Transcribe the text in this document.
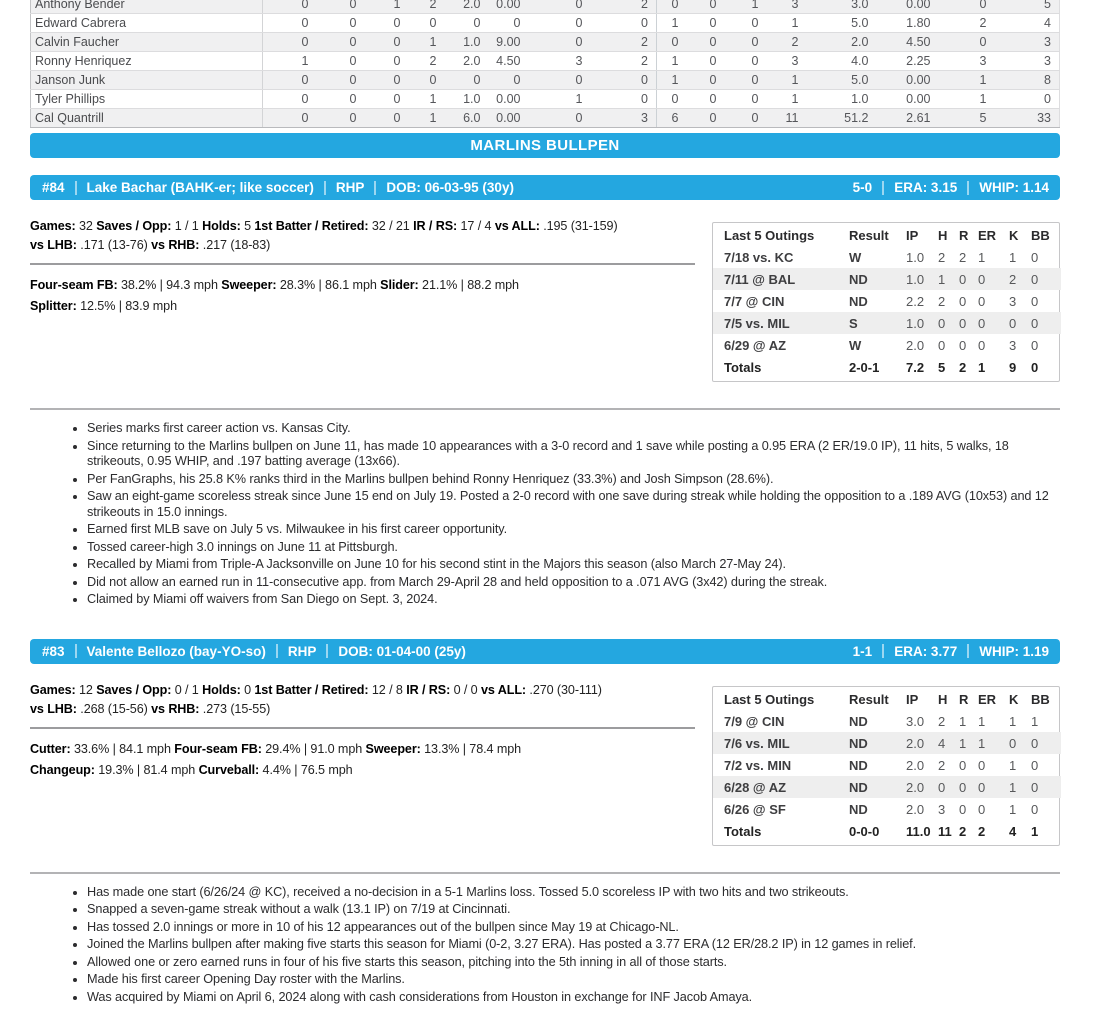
Anthony Bender	0	0	1	2	2.0	0.00	0	2	0	0	1	3	3.0	0.00	0	5
Edward Cabrera	0	0	0	0	0	0	0	0	1	0	0	1	5.0	1.80	2	4
Calvin Faucher	0	0	0	1	1.0	9.00	0	2	0	0	0	2	2.0	4.50	0	3
Ronny Henriquez	1	0	0	2	2.0	4.50	3	2	1	0	0	3	4.0	2.25	3	3
Janson Junk	0	0	0	0	0	0	0	0	1	0	0	1	5.0	0.00	1	8
Tyler Phillips	0	0	0	1	1.0	0.00	1	0	0	0	0	1	1.0	0.00	1	0
Cal Quantrill	0	0	0	1	6.0	0.00	0	3	6	0	0	11	51.2	2.61	5	33
MARLINS BULLPEN
#84 Lake Bachar (BAHK-er; like soccer) RHP DOB: 06-03-95 (30y)	5-0 ERA: 3.15 WHIP: 1.14
Games: 32 Saves / Opp: 1 / 1 Holds: 5 1st Batter / Retired: 32 / 21 IR / RS: 17 / 4 vs ALL: .195 (31-159)
vs LHB: .171 (13-76) vs RHB: .217 (18-83)
Four-seam FB: 38.2% | 94.3 mph Sweeper: 28.3% | 86.1 mph Slider: 21.1% | 88.2 mph
Splitter: 12.5% | 83.9 mph
Last 5 Outings	Result	IP	H	R	ER	K	BB
7/18 vs. KC	W	1.0	2	2	1	1	0
7/11 @ BAL	ND	1.0	1	0	0	2	0
7/7 @ CIN	ND	2.2	2	0	0	3	0
7/5 vs. MIL	S	1.0	0	0	0	0	0
6/29 @ AZ	W	2.0	0	0	0	3	0
Totals	2-0-1	7.2	5	2	1	9	0
• Series marks first career action vs. Kansas City.
• Since returning to the Marlins bullpen on June 11, has made 10 appearances with a 3-0 record and 1 save while posting a 0.95 ERA (2 ER/19.0 IP), 11 hits, 5 walks, 18 strikeouts, 0.95 WHIP, and .197 batting average (13x66).
• Per FanGraphs, his 25.8 K% ranks third in the Marlins bullpen behind Ronny Henriquez (33.3%) and Josh Simpson (28.6%).
• Saw an eight-game scoreless streak since June 15 end on July 19. Posted a 2-0 record with one save during streak while holding the opposition to a .189 AVG (10x53) and 12 strikeouts in 15.0 innings.
• Earned first MLB save on July 5 vs. Milwaukee in his first career opportunity.
• Tossed career-high 3.0 innings on June 11 at Pittsburgh.
• Recalled by Miami from Triple-A Jacksonville on June 10 for his second stint in the Majors this season (also March 27-May 24).
• Did not allow an earned run in 11-consecutive app. from March 29-April 28 and held opposition to a .071 AVG (3x42) during the streak.
• Claimed by Miami off waivers from San Diego on Sept. 3, 2024.
#83 Valente Bellozo (bay-YO-so) RHP DOB: 01-04-00 (25y)	1-1 ERA: 3.77 WHIP: 1.19
Games: 12 Saves / Opp: 0 / 1 Holds: 0 1st Batter / Retired: 12 / 8 IR / RS: 0 / 0 vs ALL: .270 (30-111)
vs LHB: .268 (15-56) vs RHB: .273 (15-55)
Cutter: 33.6% | 84.1 mph Four-seam FB: 29.4% | 91.0 mph Sweeper: 13.3% | 78.4 mph
Changeup: 19.3% | 81.4 mph Curveball: 4.4% | 76.5 mph
Last 5 Outings	Result	IP	H	R	ER	K	BB
7/9 @ CIN	ND	3.0	2	1	1	1	1
7/6 vs. MIL	ND	2.0	4	1	1	0	0
7/2 vs. MIN	ND	2.0	2	0	0	1	0
6/28 @ AZ	ND	2.0	0	0	0	1	0
6/26 @ SF	ND	2.0	3	0	0	1	0
Totals	0-0-0	11.0	11	2	2	4	1
• Has made one start (6/26/24 @ KC), received a no-decision in a 5-1 Marlins loss. Tossed 5.0 scoreless IP with two hits and two strikeouts.
• Snapped a seven-game streak without a walk (13.1 IP) on 7/19 at Cincinnati.
• Has tossed 2.0 innings or more in 10 of his 12 appearances out of the bullpen since May 19 at Chicago-NL.
• Joined the Marlins bullpen after making five starts this season for Miami (0-2, 3.27 ERA). Has posted a 3.77 ERA (12 ER/28.2 IP) in 12 games in relief.
• Allowed one or zero earned runs in four of his five starts this season, pitching into the 5th inning in all of those starts.
• Made his first career Opening Day roster with the Marlins.
• Was acquired by Miami on April 6, 2024 along with cash considerations from Houston in exchange for INF Jacob Amaya.
